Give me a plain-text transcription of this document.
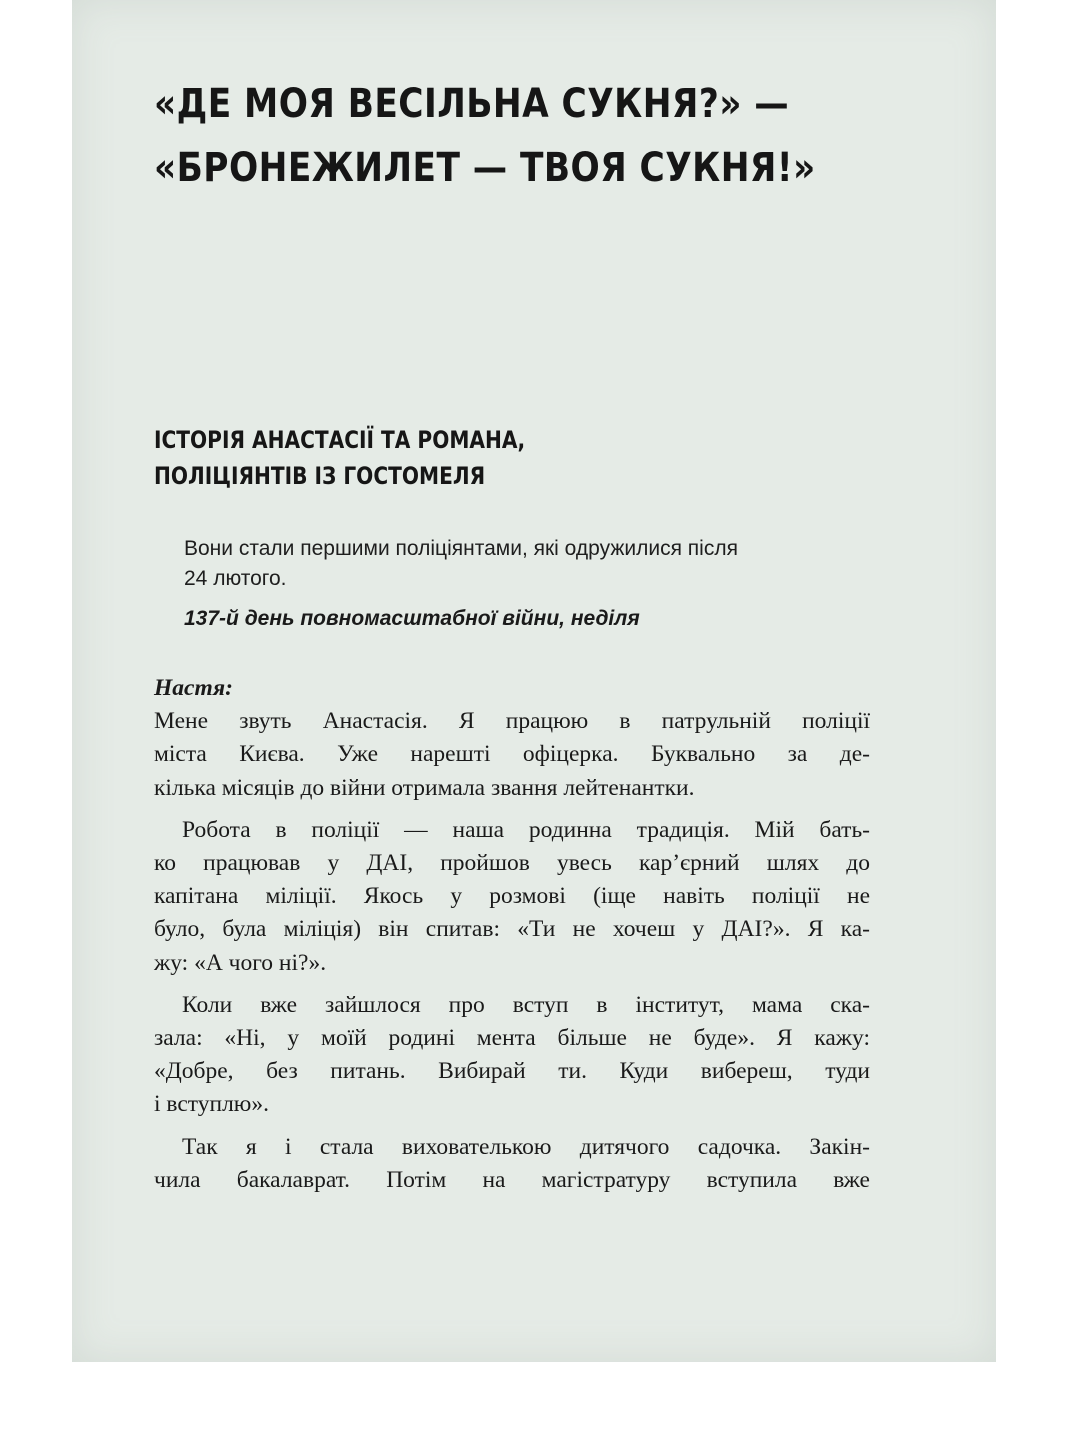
«ДЕ МОЯ ВЕСІЛЬНА СУКНЯ?» —
«БРОНЕЖИЛЕТ — ТВОЯ СУКНЯ!»
ІСТОРІЯ АНАСТАСІЇ ТА РОМАНА,
ПОЛІЦІЯНТІВ ІЗ ГОСТОМЕЛЯ
Вони стали першими поліціянтами, які одружилися після
24 лютого.
137-й день повномасштабної війни, неділя
Настя:
Мене звуть Анастасія. Я працюю в патрульній поліції
міста Києва. Уже нарешті офіцерка. Буквально за де-
кілька місяців до війни отримала звання лейтенантки.
Робота в поліції — наша родинна традиція. Мій бать-
ко працював у ДАІ, пройшов увесь кар’єрний шлях до
капітана міліції. Якось у розмові (іще навіть поліції не
було, була міліція) він спитав: «Ти не хочеш у ДАІ?». Я ка-
жу: «А чого ні?».
Коли вже зайшлося про вступ в інститут, мама ска-
зала: «Ні, у моїй родині мента більше не буде». Я кажу:
«Добре, без питань. Вибирай ти. Куди вибереш, туди
і вступлю».
Так я і стала вихователькою дитячого садочка. Закін-
чила бакалаврат. Потім на магістратуру вступила вже
